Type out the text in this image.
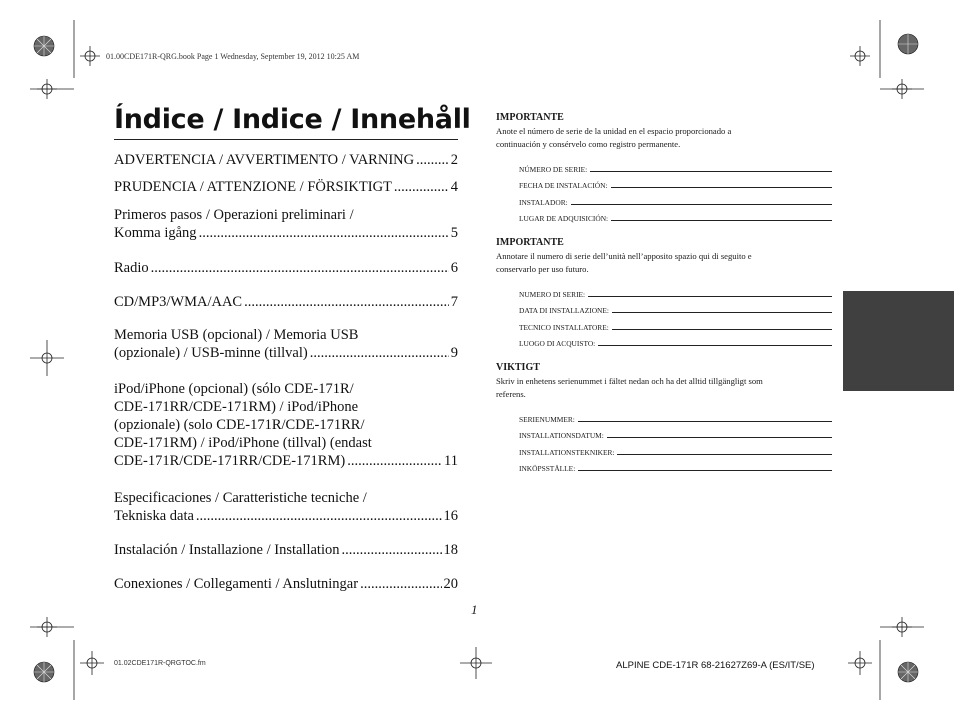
01.00CDE171R-QRG.book Page 1 Wednesday, September 19, 2012 10:25 AM
Índice / Indice / Innehåll
ADVERTENCIA / AVVERTIMENTO / VARNING .....	2
PRUDENCIA / ATTENZIONE / FÖRSIKTIGT .....	4
Primeros pasos / Operazioni preliminari /
Komma igång .....	5
Radio .....	6
CD/MP3/WMA/AAC .....	7
Memoria USB (opcional) / Memoria USB
(opzionale) / USB-minne (tillval) .....	9
iPod/iPhone (opcional) (sólo CDE-171R/
CDE-171RR/CDE-171RM) / iPod/iPhone
(opzionale) (solo CDE-171R/CDE-171RR/
CDE-171RM) / iPod/iPhone (tillval) (endast
CDE-171R/CDE-171RR/CDE-171RM) .....	11
Especificaciones / Caratteristiche tecniche /
Tekniska data .....	16
Instalación / Installazione / Installation .....	18
Conexiones / Collegamenti / Anslutningar .....	20
IMPORTANTE
Anote el número de serie de la unidad en el espacio proporcionado a
continuación y consérvelo como registro permanente.
NÚMERO DE SERIE:
FECHA DE INSTALACIÓN:
INSTALADOR:
LUGAR DE ADQUISICIÓN:
IMPORTANTE
Annotare il numero di serie dell’unità nell’apposito spazio qui di seguito e
conservarlo per uso futuro.
NUMERO DI SERIE:
DATA DI INSTALLAZIONE:
TECNICO INSTALLATORE:
LUOGO DI ACQUISTO:
VIKTIGT
Skriv in enhetens serienummet i fältet nedan och ha det alltid tillgängligt som
referens.
SERIENUMMER:
INSTALLATIONSDATUM:
INSTALLATIONSTEKNIKER:
INKÖPSSTÄLLE:
1
01.02CDE171R-QRGTOC.fm	ALPINE CDE-171R 68-21627Z69-A (ES/IT/SE)
